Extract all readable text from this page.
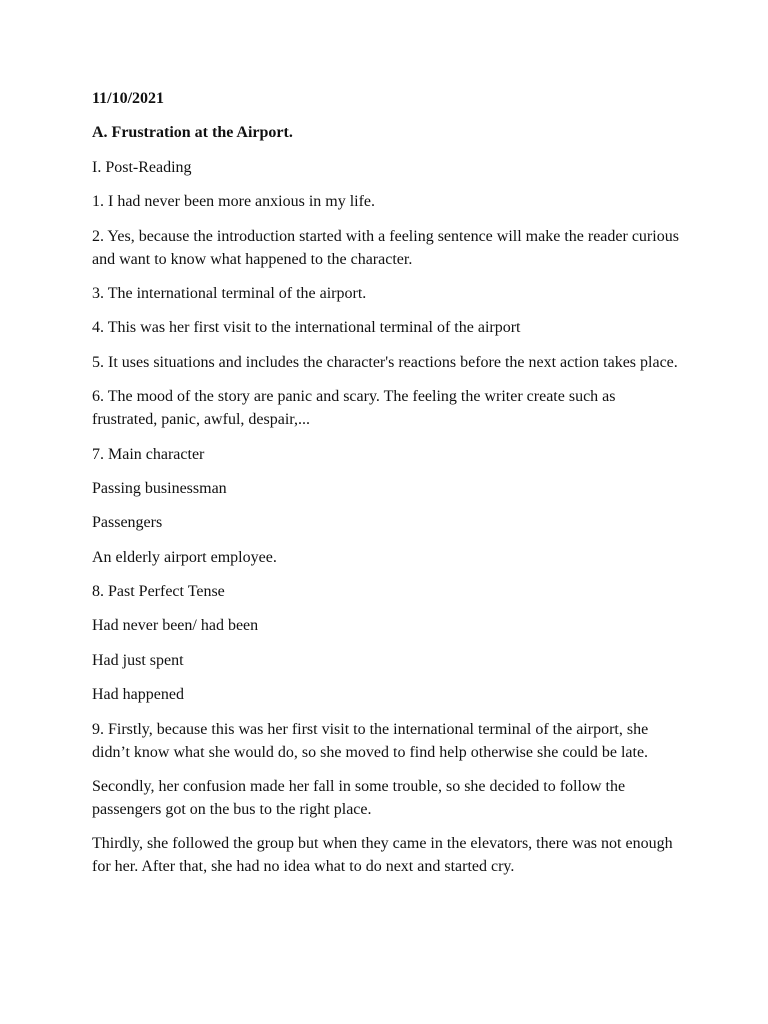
11/10/2021

A. Frustration at the Airport.

I. Post-Reading

1. I had never been more anxious in my life.

2. Yes, because the introduction started with a feeling sentence will make the reader curious and want to know what happened to the character.

3. The international terminal of the airport.

4. This was her first visit to the international terminal of the airport

5. It uses situations and includes the character's reactions before the next action takes place.

6. The mood of the story are panic and scary. The feeling the writer create such as frustrated, panic, awful, despair,...

7. Main character

Passing businessman

Passengers

An elderly airport employee.

8. Past Perfect Tense

Had never been/ had been

Had just spent

Had happened

9. Firstly, because this was her first visit to the international terminal of the airport, she didn’t know what she would do, so she moved to find help otherwise she could be late.

Secondly, her confusion made her fall in some trouble, so she decided to follow the passengers got on the bus to the right place.

Thirdly, she followed the group but when they came in the elevators, there was not enough for her. After that, she had no idea what to do next and started cry.
